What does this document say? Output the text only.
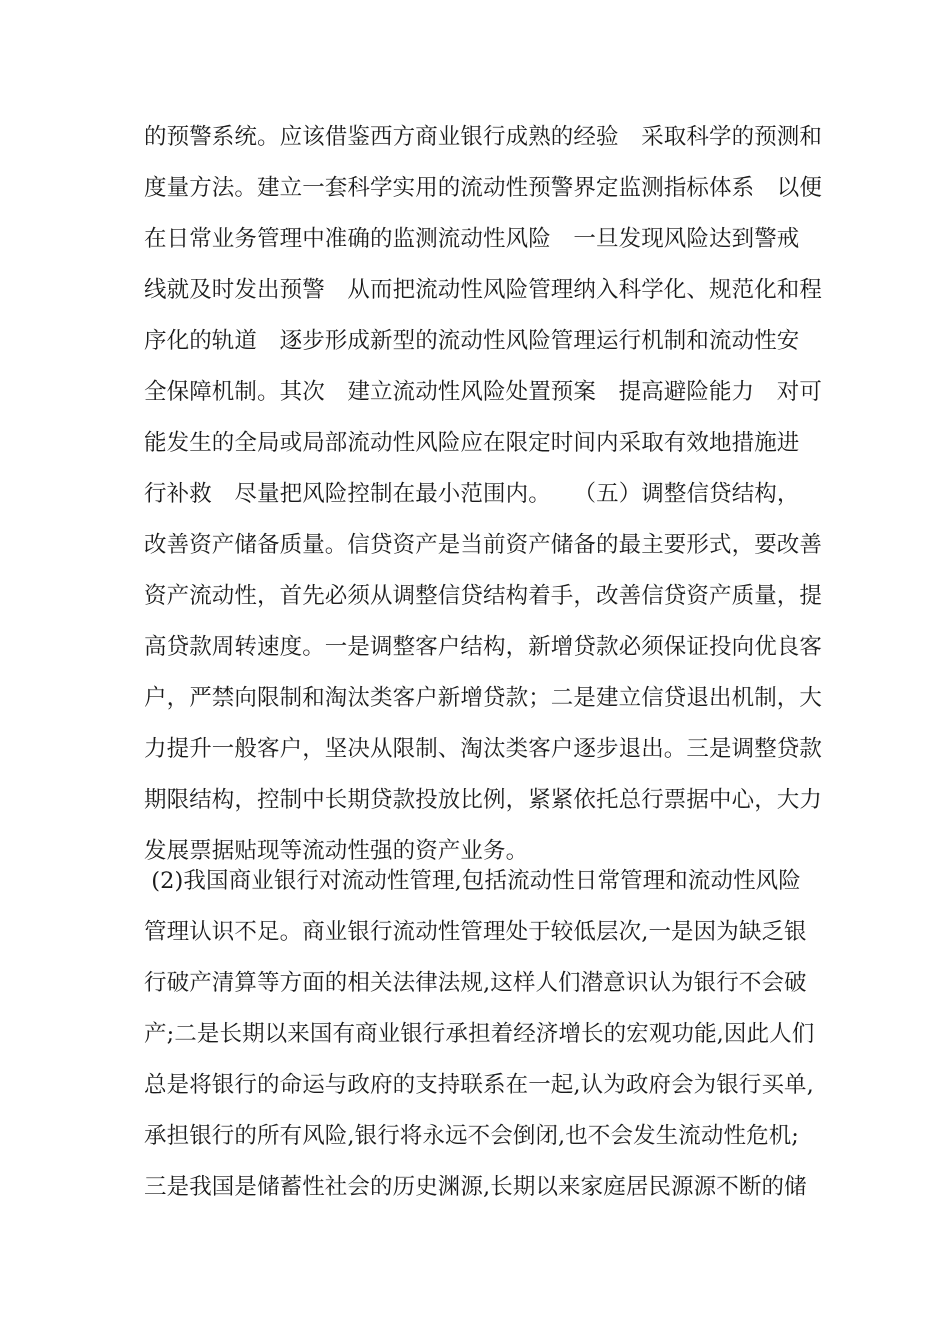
的预警系统。应该借鉴西方商业银行成熟的经验　采取科学的预测和
度量方法。建立一套科学实用的流动性预警界定监测指标体系　以便
在日常业务管理中准确的监测流动性风险　一旦发现风险达到警戒
线就及时发出预警　从而把流动性风险管理纳入科学化、规范化和程
序化的轨道　逐步形成新型的流动性风险管理运行机制和流动性安
全保障机制。其次　建立流动性风险处置预案　提高避险能力　对可
能发生的全局或局部流动性风险应在限定时间内采取有效地措施进
行补救　尽量把风险控制在最小范围内。　　（五）调整信贷结构，
改善资产储备质量。信贷资产是当前资产储备的最主要形式，要改善
资产流动性，首先必须从调整信贷结构着手，改善信贷资产质量，提
高贷款周转速度。一是调整客户结构，新增贷款必须保证投向优良客
户，严禁向限制和淘汰类客户新增贷款；二是建立信贷退出机制，大
力提升一般客户，坚决从限制、淘汰类客户逐步退出。三是调整贷款
期限结构，控制中长期贷款投放比例，紧紧依托总行票据中心，大力
发展票据贴现等流动性强的资产业务。
(2)我国商业银行对流动性管理,包括流动性日常管理和流动性风险
管理认识不足。商业银行流动性管理处于较低层次,一是因为缺乏银
行破产清算等方面的相关法律法规,这样人们潜意识认为银行不会破
产;二是长期以来国有商业银行承担着经济增长的宏观功能,因此人们
总是将银行的命运与政府的支持联系在一起,认为政府会为银行买单,
承担银行的所有风险,银行将永远不会倒闭,也不会发生流动性危机;
三是我国是储蓄性社会的历史渊源,长期以来家庭居民源源不断的储
